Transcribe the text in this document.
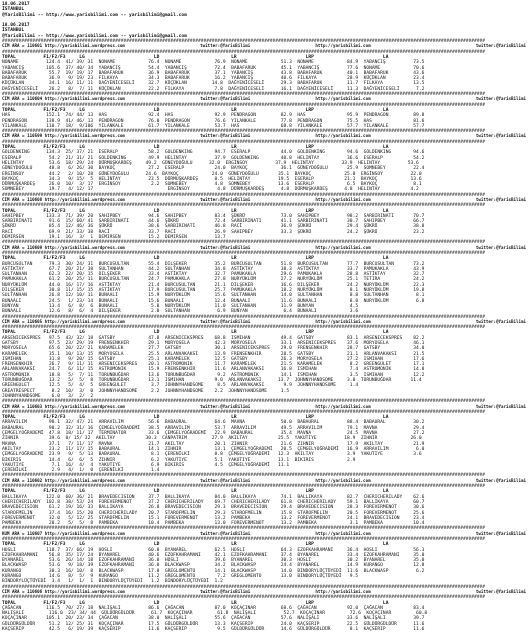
18.06.2017
İSTANBUL
@YarisBilimi -- http://www.yarisbilimi.com -- yarisbilimi@gmail.com
18.06.2017
İSTANBUL
@YarisBilimi -- http://www.yarisbilimi.com -- yarisbilimi@gmail.com
###############################################################################################################################################################################
CIM ARA = 110601 http://yarisbilimi.wordpress.com                              twitter:@YarisBilimi                          http://yarisbilimi.com                                          twitter:@YarisBilimi
###############################################################################################################################################################################
TOPAL          F1/F2/F3     LG                         LD                          LR                         LRP                         LA
NONAME          124.4  41/ 39/ 31  NONAME            76.4  NONAME            76.9  NONAME            51.3  NONAME            84.9  YABANCIŞ          73.5
YABANCIŞ        105.6  37/ 40/ 34  YABANCIŞ          54.4  YABANCIŞ          72.4  BABAFARUK         45.1  YABANCIŞ          77.6  NONAME            70.6
BABAFARUK        55.7  19/ 19/ 17  BABAFARUK         36.9  BABAFARUK         37.1  YABANCIŞ          43.8  BABAFARUK         40.1  BABAFARUK         43.6
BABAFARUK        36.9   9/ 19/ 23  FILKAYA           34.3  BABAFARUK         16.2  YABANCIŞ          40.6  FILKAYA           28.9  KÜÇÜKLAN          23.4
KÜÇÜKLAN         34.1  16/ 11/ 11  DAĞYENİCESELİ     32.7  KÜÇÜKLAN         14.8  DAĞYENİCESELİ      29.3  BABAFARUK         11.7  FILKAYA           13.5
DAĞYENİCESELİ    26.2   8/  7/ 11  KÜÇÜKLAN          22.2  FILKAYA           7.8  DAĞYENİCESELİ      16.1  DAĞYENİCESELİ     11.3  DAĞYENİCESELİ      7.2
###############################################################################################################################################################################
CIM ARA = 110604 http://yarisbilimi.wordpress.com                              twitter:@YarisBilimi                          http://yarisbilimi.com                                          twitter:@YarisBilimi
###############################################################################################################################################################################
TOPAL          F1/F2/F3     LG                         LD                          LR                         LRP                         LA
HAS             152.1  74/ 44/ 13  HAS               92.4  HAS               92.9  PENDRAGON         82.9  HAS               95.9  PENDRAGON         89.8
PENDRAGON       138.9  41/ 46/ 13  PENDRAGON         76.0  PENDRAGON         76.6  YILANKALE         77.8  PENDRAGON         75.5  HAS               81.6
YILANKALE       110.7  18/  9/106  YILANKALE         61.7  YILANKALE         53.7  HAS               68.8  YILANKALE         57.7  YILANKALE         57.7
###############################################################################################################################################################################
CIM ARA = 110599 http://yarisbilimi.wordpress.com                              twitter:@YarisBilimi                          http://yarisbilimi.com                                          twitter:@YarisBilimi
###############################################################################################################################################################################
TOPAL          F1/F2/F3     LG                         LD                          LR                         LRP                         LA
GOLDENKING      134.3  25/ 37/ 21  ESERALP           58.2  GOLDENKING        94.7  ESERALP           44.0  GOLDENKING        94.6  GOLDENKING        94.6
ESERALP          54.2  21/ 31/ 21  GOLDENKING        49.9  HELINTAY          37.9  GOLDENKING        40.8  HELINTAY          36.6  ESERALP           54.2
HELINTAY         53.6  18/ 29/ 24  DÜRMUŞKARDEŞ     49.2  GÜNEYDOĞULU      32.0  ERGİNSOY          37.9  HELINTAY          33.9  HELINTAY          53.6
GÜNEYDOĞULU      48.8   6/ 26/ 30  BAYKOÇ            27.2  ESERALP           24.0  BAYKOÇ            36.1  GÜNEYDOĞULU       25.9  SOMNEBEY          22.4
ERGİNSOY         44.2   2/ 10/ 28  GÜNEYDOĞULU      24.6  BAYKOÇ            24.0  GÜNEYDOĞULU       35.1  BAYKOÇ            25.0  ERGİNSOY          22.0
BAYKOÇ           34.3   9/ 15/  5  HELINTAY          23.5  DÜRMUŞKARDEŞ      8.5  HELINTAY          19.5  ESERALP           21.1  BAYKOÇ            13.6
DÜRMUŞKARDEŞ     26.0  10/  3/ 17  ERGİNSOY           2.2  SOMNEBEY          4.8  SOMNEBEY          13.6  ESERALP            6.5  BAYKOÇ             8.1
SOMNEBEY         19.7   4/ 12/ 17                           ERGİNSOY          4.8  DÜRMUŞKARDEŞ      4.8  DÜRMUŞKARDEŞ      4.8  HELINTAY           4.2
###############################################################################################################################################################################
CIM ARA = 110608 http://yarisbilimi.wordpress.com                              twitter:@YarisBilimi                          http://yarisbilimi.com                                          twitter:@YarisBilimi
###############################################################################################################################################################################
TOPAL          F1/F2/F3     LG                         LD                          LR                         LRP                         LA
SAHIPBEY        133.3  71/ 39/ 20  SAHIPBEY          94.6  SAHIPBEY          83.4  ŞÜKRÜ             73.0  SAHIPBEY          98.2  SARBIRINATI       70.7
SARBIRINATI      91.6  15/ 60/ 41  SARBIRINATI       44.6  ŞÜKRÜ             72.4  SARBIRINATI       41.1  SARBIRINATI       30.7  SAHIPBEY          66.7
ŞÜKRÜ            85.4  12/ 46/ 36  ŞÜKRÜ             38.6  SARBIRINATI       46.8  RACİ              36.9  ŞÜKRÜ             29.4  ŞÜKRÜ             38.8
RACİ             69.9  21/ 33/ 38  RACİ              33.7  RACİ              26.9  SAHIPBEY          33.3  ŞÜKRÜ             24.2  ŞÜKRÜ             23.2
DEMIRSEN         19.1  16/  3/  1  DEMIRSEN          15.2  DEMIRSEN          13.7
###############################################################################################################################################################################
CIM ARA = 110609 http://yarisbilimi.wordpress.com                              twitter:@YarisBilimi                          http://yarisbilimi.com                                          twitter:@YarisBilimi
###############################################################################################################################################################################
TOPAL          F1/F2/F3     LG                         LD                          LR                         LRP                         LA
BURCUSULTAN      79.3  30/ 24/ 31  BURCUSULTAN       55.4  DILŞEKER          35.2  BURCUSULTAN       51.8  BURCUSULTAN       77.7  BURCUSULTAN       73.2
ASTİKTAY         67.7  20/ 21/ 38  SULTANHAN         44.2  SULTANHAN         34.8  ASTİKTAY          38.3  ASTİKTAY          33.7  PAMUKAKLA         43.9
SULTANHAN        62.3  22/ 20/ 15  DILŞEKER          33.4  ASTİKTAY          32.7  PAMUKAKLA         29.6  PAMUKAKLA         28.8  ASTİKTAY          32.7
PAMUKAKLA        61.2  20/ 25/ 11  BURCUSULTAN       24.7  PAMUKAKLA         27.8  NURYÜKLÜM         27.2  NURYÜKLÜM         25.1  TETIRA            24.2
NURYÜKLÜM        44.0  16/ 17/ 16  ASTİKTAY          21.4  BURCUSULTAN       21.1  DILŞEKER          16.6  DILŞEKER          24.2  NURYÜKLÜM         22.3
DILŞEKER         30.8  11/ 15/ 15  ASTİKTAY          17.9  BURCUSULTAN       25.7  PAMUKAKLA         18.2  NURYÜKLÜM          8.1  NURYÜKLÜM         19.8
SULTANHAN        26.8  12/ 10/ 11  BUNAALI           15.9  NURYÜKLÜM         15.6  SULTANHAN         14.0  SULTANHAN          8.8  SULTANHAN          8.1
BUNAALI          24.5   1/ 23/ 14  BUNAALI           15.6  BUNAALI           12.4  BUNAALI           11.6  BUNAALI            8.0  NURYÜKLÜM          6.8
BUNYAN           13.4   6/  8/  6  BUNAALI            5.8  NURYÜKLÜM         11.0  SULTANHAN         11.9  BUNYAN             4.5
BUNAALI          12.6   8/  6/  4  DILŞEKER           2.0  SULTANHAN          6.9  BUNYAN             6.4  BUNAALI            3.6
###############################################################################################################################################################################
CIM ARA = 110605 http://yarisbilimi.wordpress.com                              twitter:@YarisBilimi                          http://yarisbilimi.com                                          twitter:@YarisBilimi
###############################################################################################################################################################################
TOPAL          F1/F2/F3     LG                         LD                          LR                         LRP                         LA
ARSENICEKSPRES   97.5  43/ 32/ 18  GATSBY            47.8  ARSENICEKSPRES    68.8  ISMIHAN           49.4  GATSBY            83.1  ARSENICEKSPRES    82.2
GATSBY           97.5  23/ 29/ 19  FRENSENKHIR       29.1  MORYOSELA         42.3  MORYOSELA         33.1  ARSENICEKSPRES    37.6  MORYOSELA         46.1
MORYOSELA        65.6  20/ 22/ 21  KARAMELEK         27.7  GATSBY            30.1  ARSENICEKSPRES    29.0  FRENSENKHIR       28.7  GATSBY            34.0
KARAMELEK        35.1  10/ 13/ 15  MORYOSELA         25.5  ARLANVAKAKSI      13.9  FRENSENKHIR       28.5  GATSBY            21.1  ARLANVAKAKSI      21.5
ISMIHAN          31.8   9/ 20/ 15  GATSBY            25.1  KARAMELEK         12.5  GATSBY            26.3  MORYOSELA         27.2  ISMIHAN           17.6
FRENSENKHIR      26.7   9/ 11/ 11  ARSENICEKSPRES    20.1  ASTROMONIK        11.7  KARAMELEK         21.5  KARAMELEK          8.2  GREENGULET        17.1
ARLANVAKAKSI     24.7   6/ 11/ 15  ASTROMONIK        15.9  FRENSENKHIR       11.6  ARLANVAKAKSI      16.8  ISMIHAN            7.4  ASTROMONIK        14.8
ASTROMONIK       18.8   5/  7/ 11  TORUNBUĞDAR       13.6  TORUNBUĞDAR        9.2  ASTROMONIK        14.1  ISMIHAN            3.5  ISMIHAN           12.2
TORUNBUĞDAR      13.2   5/  5/  8  TORUNBUĞDAR       13.1  ISMIHAN           9.0  ARLANVAKAKSI      13.7  JOHNNYHANDSOME     3.0  TORUNBUĞDAR       11.4
GREENGULET       12.5   5/  4/  5  GREENGULET         3.7  JOHNNYHANDSOME     8.5  ARLANVAKAKSI       9.9  JOHNNYHANDSOME     1.4
GREATRESPECT      8.2  10/  3/  0  JOHNNYHANDSOME     2.2  JOHNNYHANDSOME    2.2  JOHNNYHANDSOME     1.5
JOHNNYHANDSOME    6.0   3/  2/  2
###############################################################################################################################################################################
CIM ARA = 110603 http://yarisbilimi.wordpress.com                              twitter:@YarisBilimi                          http://yarisbilimi.com                                          twitter:@YarisBilimi
###############################################################################################################################################################################
TOPAL          F1/F2/F3     LG                         LD                          LR                         LRP                         LA
ARRAVILIM        90.1  32/ 47/ 21  ARRAVILIM         56.6  BABAURAL          64.6  MAVNA             50.0  BABAURAL          88.4  BABAURAL          30.2
BABAURAL         90.2  32/ 31/ 16  ÇEMGELYOĞRADEMİ   38.5  ARRAVILIM         53.7  ARRAVILIM         49.5  ARRAVILIM         79.1  MAVNA             29.4
ÇEMGELYOĞRADEMİ  47.8  18/ 11/ 17  TERMINATOR        33.6  ÇEMGELYOĞRADEMİ   22.9  BABAURAL          35.4  MAVNA             24.5  MAVNA             27.2
ZIHNIR           39.6  8/ 15/ 32  AKILTAY           30.3  CANPATRIM         27.9  AKILTAY           25.5  YAKUTIYE          18.9  ZIHNIR            26.0
MAVNA            37.1   7/ 11/ 17  MAVNA             21.7  AKILTAY           20.1  ZIHNIR            21.6  ZIHNIR            17.9  AKILTAY           21.9
AKILTAY          23.2  11/ 17/ 15  BABAURAL          14.1  ZIHNIR            13.1  ÇEMGELYOĞRADEMİ   20.5  ÇEMGELYOĞRADEMİ   16.9  ARRAVILIM          6.0
ÇEMGELYOĞRADEMİ  23.9   9/  5/ 13  BABAURAL           8.1  ÇERENİLKİ         8.8  ÇEMGELYOĞRADEMİ   12.3  AKILTAY            3.9  YAKUTIYE           3.6
BIKIRIS          14.4   6/  6/  5  ZIHNIR             6.2  YAKUTIYE          5.1  YAKUTIYE          13.1  BIKIRIS            2.9
YAKUTIYE          7.1  16/  4/  4  YAKUTIYE           6.9  BIKIRIS           4.5  ÇEMGELYOĞRADEMİ   11.1
ÇERENİLKİ         2.9   4/  1/  0  ÇERENİLKİ          1.4
###############################################################################################################################################################################
CIM ARA = 110602 http://yarisbilimi.wordpress.com                              twitter:@YarisBilimi                          http://yarisbilimi.com                                          twitter:@YarisBilimi
###############################################################################################################################################################################
TOPAL          F1/F2/F3     LG                         LD                          LR                         LRP                         LA
BALLIKAYA       122.0  60/ 36/ 21  BRAVEDECISION     37.7  BALLIKAYA         84.0  BALLIKAYA         74.1  BALLIKAYA         82.7  CHERICHERILADY    62.6
CHERICHERILADY  102.8  38/ 53/ 24  FOREVERMENOT      37.2  CHERICHERILADY    69.7  CHERICHERILADY    61.8  CHERICHERILADY    59.1  BALLIKAYA         60.7
BRAVEDECISION    61.2  19/ 16/ 33  BALLIKAYA         26.8  BRAVEDECISION     29.3  BRAVEDECISION     29.4  BRAVEDECISION     28.3  FOREVERMENOT      30.6
STAROFMELIN      37.4  16/ 15/ 20  CHERICHERILADY    20.7  STAROFMELIN       29.3  STAROFMELIN       15.8  STAROFMELIN       20.5  FOREVERMENOT      25.6
FOREVERMENOT     32.0   5/ 12/ 25  STAROFMELIN       15.1  FOREVERMENOT      13.2  PAMBEKA           13.2  FOREVERMENOT      24.1  BRAVEDECISION     23.4
PAMBEKA          20.2   5/  5/  8  PAMBEKA           10.4  PAMBEKA           13.0  FOREVERMENOT      13.2  PAMBEKA            3.1  PAMBEKA           10.4
###############################################################################################################################################################################
KUM ARA = 110607 http://yarisbilimi.wordpress.com                              twitter:@YarisBilimi                          http://yarisbilimi.com                                          twitter:@YarisBilimi
###############################################################################################################################################################################
TOPAL          F1/F2/F3     LG                         LD                          LR                         LRP                         LA
HOSLI           110.7  37/ 66/ 19  HOSLI             60.8  BYANAREL          62.5  HOSLI             64.3  EZOFKAHRAMANI     36.4  HOSLI             56.3
EZOFKAHRAMANI    56.8  35/ 17/ 24  BYANAREL          40.6  EZOFKAHRAMANI     42.1  EZOFKAHRAMANI     37.4  BYANAREL          33.4  EZOFKAHRAMANI     35.0
BYANAREL         53.6  26/ 14/ 18  EZOFKAHRAMANI     36.0  HOSLI             39.6  BYANAREL          30.3  HOSLI             30.2  BYANAREL          35.0
BLACKWASP        53.6   9/ 18/ 39  EZOFKAHRAMANI     36.0  BLACKWASP         34.2  BLACKWASP         24.4  BYANAREL          14.9  KURANGO           12.8
KURANGO          30.3  16/ 10/  8  BLACKWASP         17.0  GREGLOMENTO       14.1  BLACKWASP         14.0  BINDORYLÜÇTÜYEDİ  11.6  BLACKWASP          6.2
KURANGO          14.6   8/  5/  9  KURANGO           11.2  GREGLOMENTO        7.2  GREGLOMENTO       13.0  BINDORYLÜÇTÜYEDİ   9.5
BINDORYLÜÇTÜYEDİ  3.4   1/  1/  1  BINDORYLÜÇTÜYEDİ   1.2  BINDORYLÜÇTÜYEDİ  1.2
###############################################################################################################################################################################
CIM ARA = 110606 http://yarisbilimi.wordpress.com                              twitter:@YarisBilimi                          http://yarisbilimi.com                                          twitter:@YarisBilimi
###############################################################################################################################################################################
TOPAL          F1/F2/F3     LG                         LD                          LR                         LRP                         LA
ÇAĞACAN         116.5  70/ 27/ 18  NALIŞALI          86.6  ÇAĞACAN           87.0  KOÇAÇINAR         68.6  ÇAĞACAN           92.0  ÇAĞACAN           83.4
NALIŞALI         116.0  23/ 34/ 44  GÜLDÜRGÜLDÜR      61.7  KOÇAÇINAR         61.8  NALIŞALI          52.7  KOÇAÇINAR         72.6  KOÇAÇINAR         60.8
KOÇAÇINAR       105.1  20/ 23/ 34  ÇAĞACAN           38.0  NALIŞALI          55.6  ÇAĞACAN           57.6  NALIŞALI          33.6  NALIŞALI          39.7
GÜLDÜRGÜLDÜR     51.2  12/ 25/ 31  KOÇAÇINAR         17.5  GÜLDÜRGÜLDÜR      13.3  KAÇSERIP          24.0  KAÇSERIP          22.5  GÜLDÜRGÜLDÜR      11.6
KAÇSERIP         42.5   6/ 19/ 39  KAÇSERIP          11.6  KAÇSERIP           9.5  GÜLDÜRGÜLDÜR      14.6  GÜLDÜRGÜLDÜR       8.1  KAÇSERIP          11.6
